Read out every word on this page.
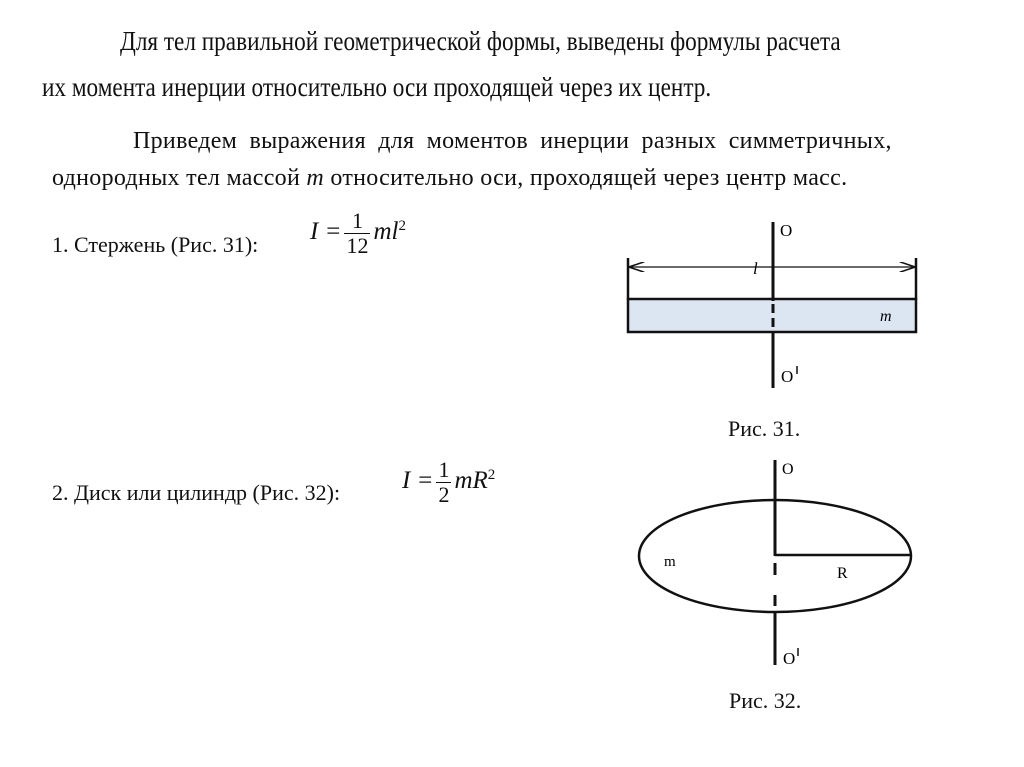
Для тел правильной геометрической формы, выведены формулы расчета
их момента инерции относительно оси проходящей через их центр.
Приведем выражения для моментов инерции разных симметричных,
однородных тел массой m относительно оси, проходящей через центр масс.
1. Стержень (Рис. 31): $I = \frac{1}{12} ml^2$
2. Диск или цилиндр (Рис. 32): $I = \frac{1}{2} mR^2$
O
O
l
m
Рис. 31.
O
O
R
m
Рис. 32.
